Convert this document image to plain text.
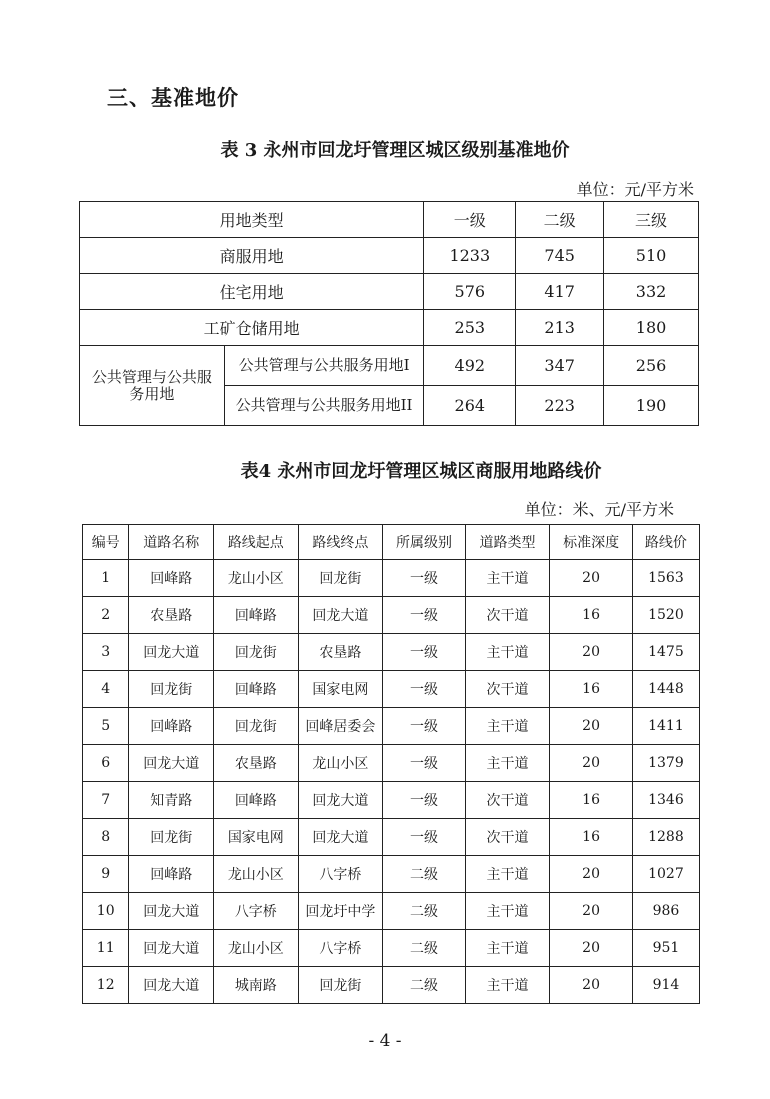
三、基准地价
表 3 永州市回龙圩管理区城区级别基准地价
单位：元/平方米
用地类型		一级	二级	三级
商服用地		1233	745	510
住宅用地		576	417	332
工矿仓储用地		253	213	180
公共管理与公共服务用地	公共管理与公共服务用地I	492	347	256
	公共管理与公共服务用地II	264	223	190
表4 永州市回龙圩管理区城区商服用地路线价
单位：米、元/平方米
编号	道路名称	路线起点	路线终点	所属级别	道路类型	标准深度	路线价
1	回峰路	龙山小区	回龙街	一级	主干道	20	1563
2	农垦路	回峰路	回龙大道	一级	次干道	16	1520
3	回龙大道	回龙街	农垦路	一级	主干道	20	1475
4	回龙街	回峰路	国家电网	一级	次干道	16	1448
5	回峰路	回龙街	回峰居委会	一级	主干道	20	1411
6	回龙大道	农垦路	龙山小区	一级	主干道	20	1379
7	知青路	回峰路	回龙大道	一级	次干道	16	1346
8	回龙街	国家电网	回龙大道	一级	次干道	16	1288
9	回峰路	龙山小区	八字桥	二级	主干道	20	1027
10	回龙大道	八字桥	回龙圩中学	二级	主干道	20	986
11	回龙大道	龙山小区	八字桥	二级	主干道	20	951
12	回龙大道	城南路	回龙街	二级	主干道	20	914
- 4 -
